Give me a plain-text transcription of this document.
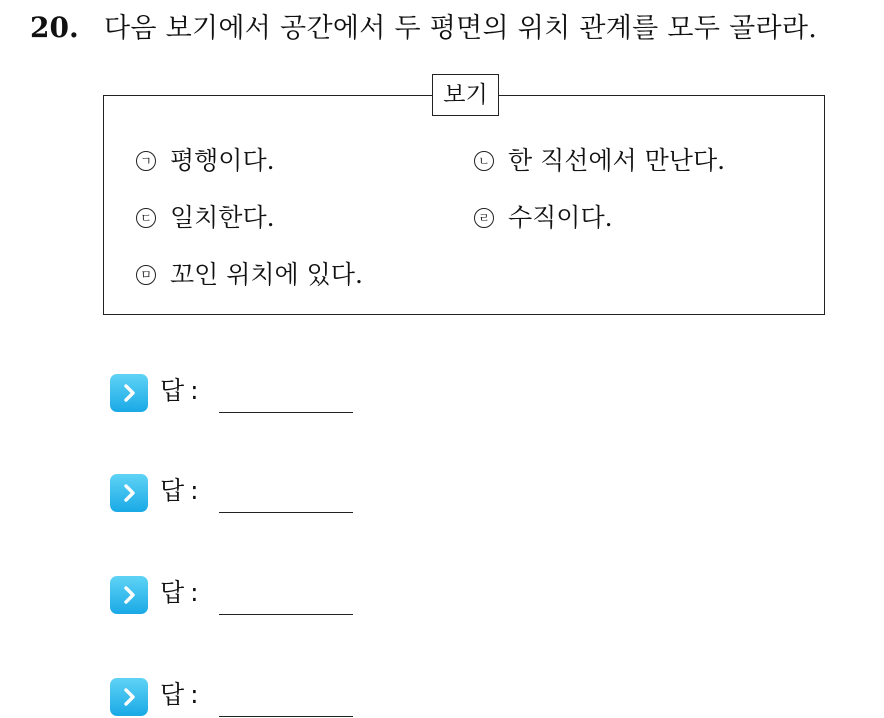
20. 다음 보기에서 공간에서 두 평면의 위치 관계를 모두 골라라.
보기
ㄱ 평행이다.	ㄴ 한 직선에서 만난다.
ㄷ 일치한다.	ㄹ 수직이다.
ㅁ 꼬인 위치에 있다.
답 :
답 :
답 :
답 :
